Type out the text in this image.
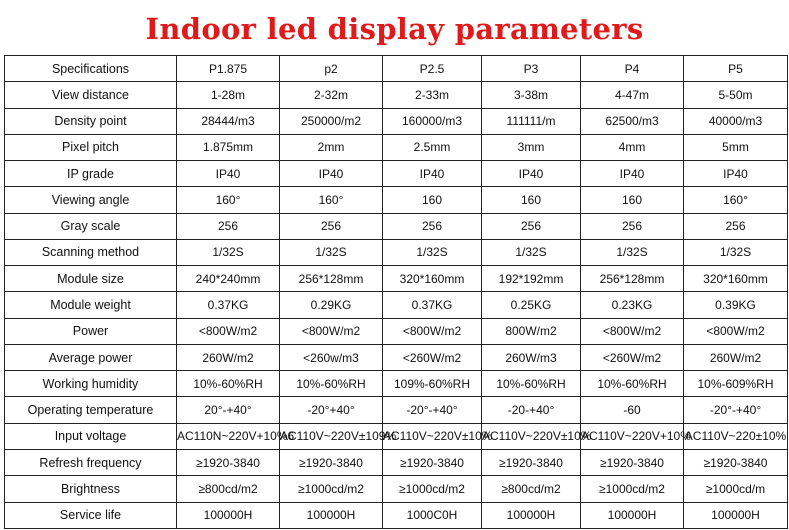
Indoor led display parameters
Specifications	P1.875	p2	P2.5	P3	P4	P5
View distance	1-28m	2-32m	2-33m	3-38m	4-47m	5-50m
Density point	28444/m3	250000/m2	160000/m3	111111/m	62500/m3	40000/m3
Pixel pitch	1.875mm	2mm	2.5mm	3mm	4mm	5mm
IP grade	IP40	IP40	IP40	IP40	IP40	IP40
Viewing angle	160°	160°	160	160	160	160°
Gray scale	256	256	256	256	256	256
Scanning method	1/32S	1/32S	1/32S	1/32S	1/32S	1/32S
Module size	240*240mm	256*128mm	320*160mm	192*192mm	256*128mm	320*160mm
Module weight	0.37KG	0.29KG	0.37KG	0.25KG	0.23KG	0.39KG
Power	<800W/m2	<800W/m2	<800W/m2	800W/m2	<800W/m2	<800W/m2
Average power	260W/m2	<260w/m3	<260W/m2	260W/m3	<260W/m2	260W/m2
Working humidity	10%-60%RH	10%-60%RH	109%-60%RH	10%-60%RH	10%-60%RH	10%-609%RH
Operating temperature	20°-+40°	-20°+40°	-20°-+40°	-20-+40°	-60	-20°-+40°
Input voltage	AC110N~220V+10%6	AC110V~220V±109%	AC110V~220V±10%	AC110V~220V±10%	AC110V~220V+10%	AC110V~220±10%
Refresh frequency	≥1920-3840	≥1920-3840	≥1920-3840	≥1920-3840	≥1920-3840	≥1920-3840
Brightness	≥800cd/m2	≥1000cd/m2	≥1000cd/m2	≥800cd/m2	≥1000cd/m2	≥1000cd/m
Service life	100000H	100000H	1000C0H	100000H	100000H	100000H
